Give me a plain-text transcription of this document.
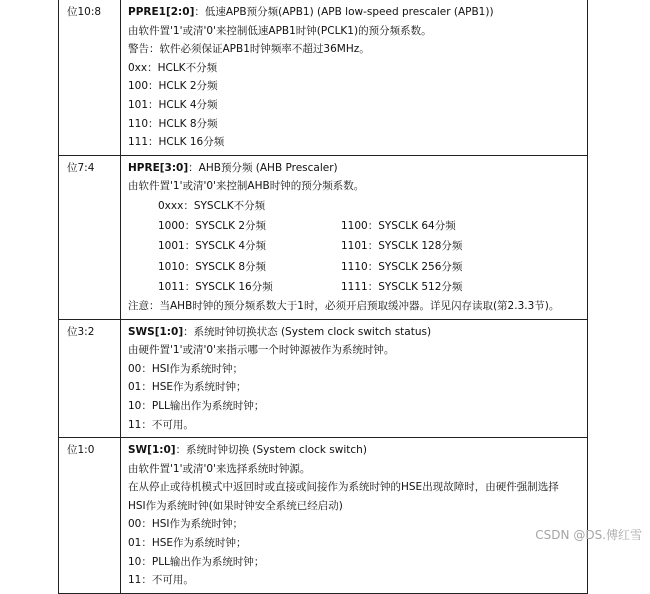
位10:8	PPRE1[2:0]：低速APB预分频(APB1) (APB low-speed prescaler (APB1))
由软件置'1'或清'0'来控制低速APB1时钟(PCLK1)的预分频系数。
警告：软件必须保证APB1时钟频率不超过36MHz。
0xx：HCLK不分频
100：HCLK 2分频
101：HCLK 4分频
110：HCLK 8分频
111：HCLK 16分频
位7:4	HPRE[3:0]：AHB预分频 (AHB Prescaler)
由软件置'1'或清'0'来控制AHB时钟的预分频系数。
0xxx：SYSCLK不分频
1000：SYSCLK 2分频	1100：SYSCLK 64分频
1001：SYSCLK 4分频	1101：SYSCLK 128分频
1010：SYSCLK 8分频	1110：SYSCLK 256分频
1011：SYSCLK 16分频	1111：SYSCLK 512分频
注意：当AHB时钟的预分频系数大于1时，必须开启预取缓冲器。详见闪存读取(第2.3.3节)。
位3:2	SWS[1:0]：系统时钟切换状态 (System clock switch status)
由硬件置'1'或清'0'来指示哪一个时钟源被作为系统时钟。
00：HSI作为系统时钟；
01：HSE作为系统时钟；
10：PLL输出作为系统时钟；
11：不可用。
位1:0	SW[1:0]：系统时钟切换 (System clock switch)
由软件置'1'或清'0'来选择系统时钟源。
在从停止或待机模式中返回时或直接或间接作为系统时钟的HSE出现故障时，由硬件强制选择
HSI作为系统时钟(如果时钟安全系统已经启动)
00：HSI作为系统时钟；
01：HSE作为系统时钟；
10：PLL输出作为系统时钟；
11：不可用。
CSDN @DS.傅红雪
